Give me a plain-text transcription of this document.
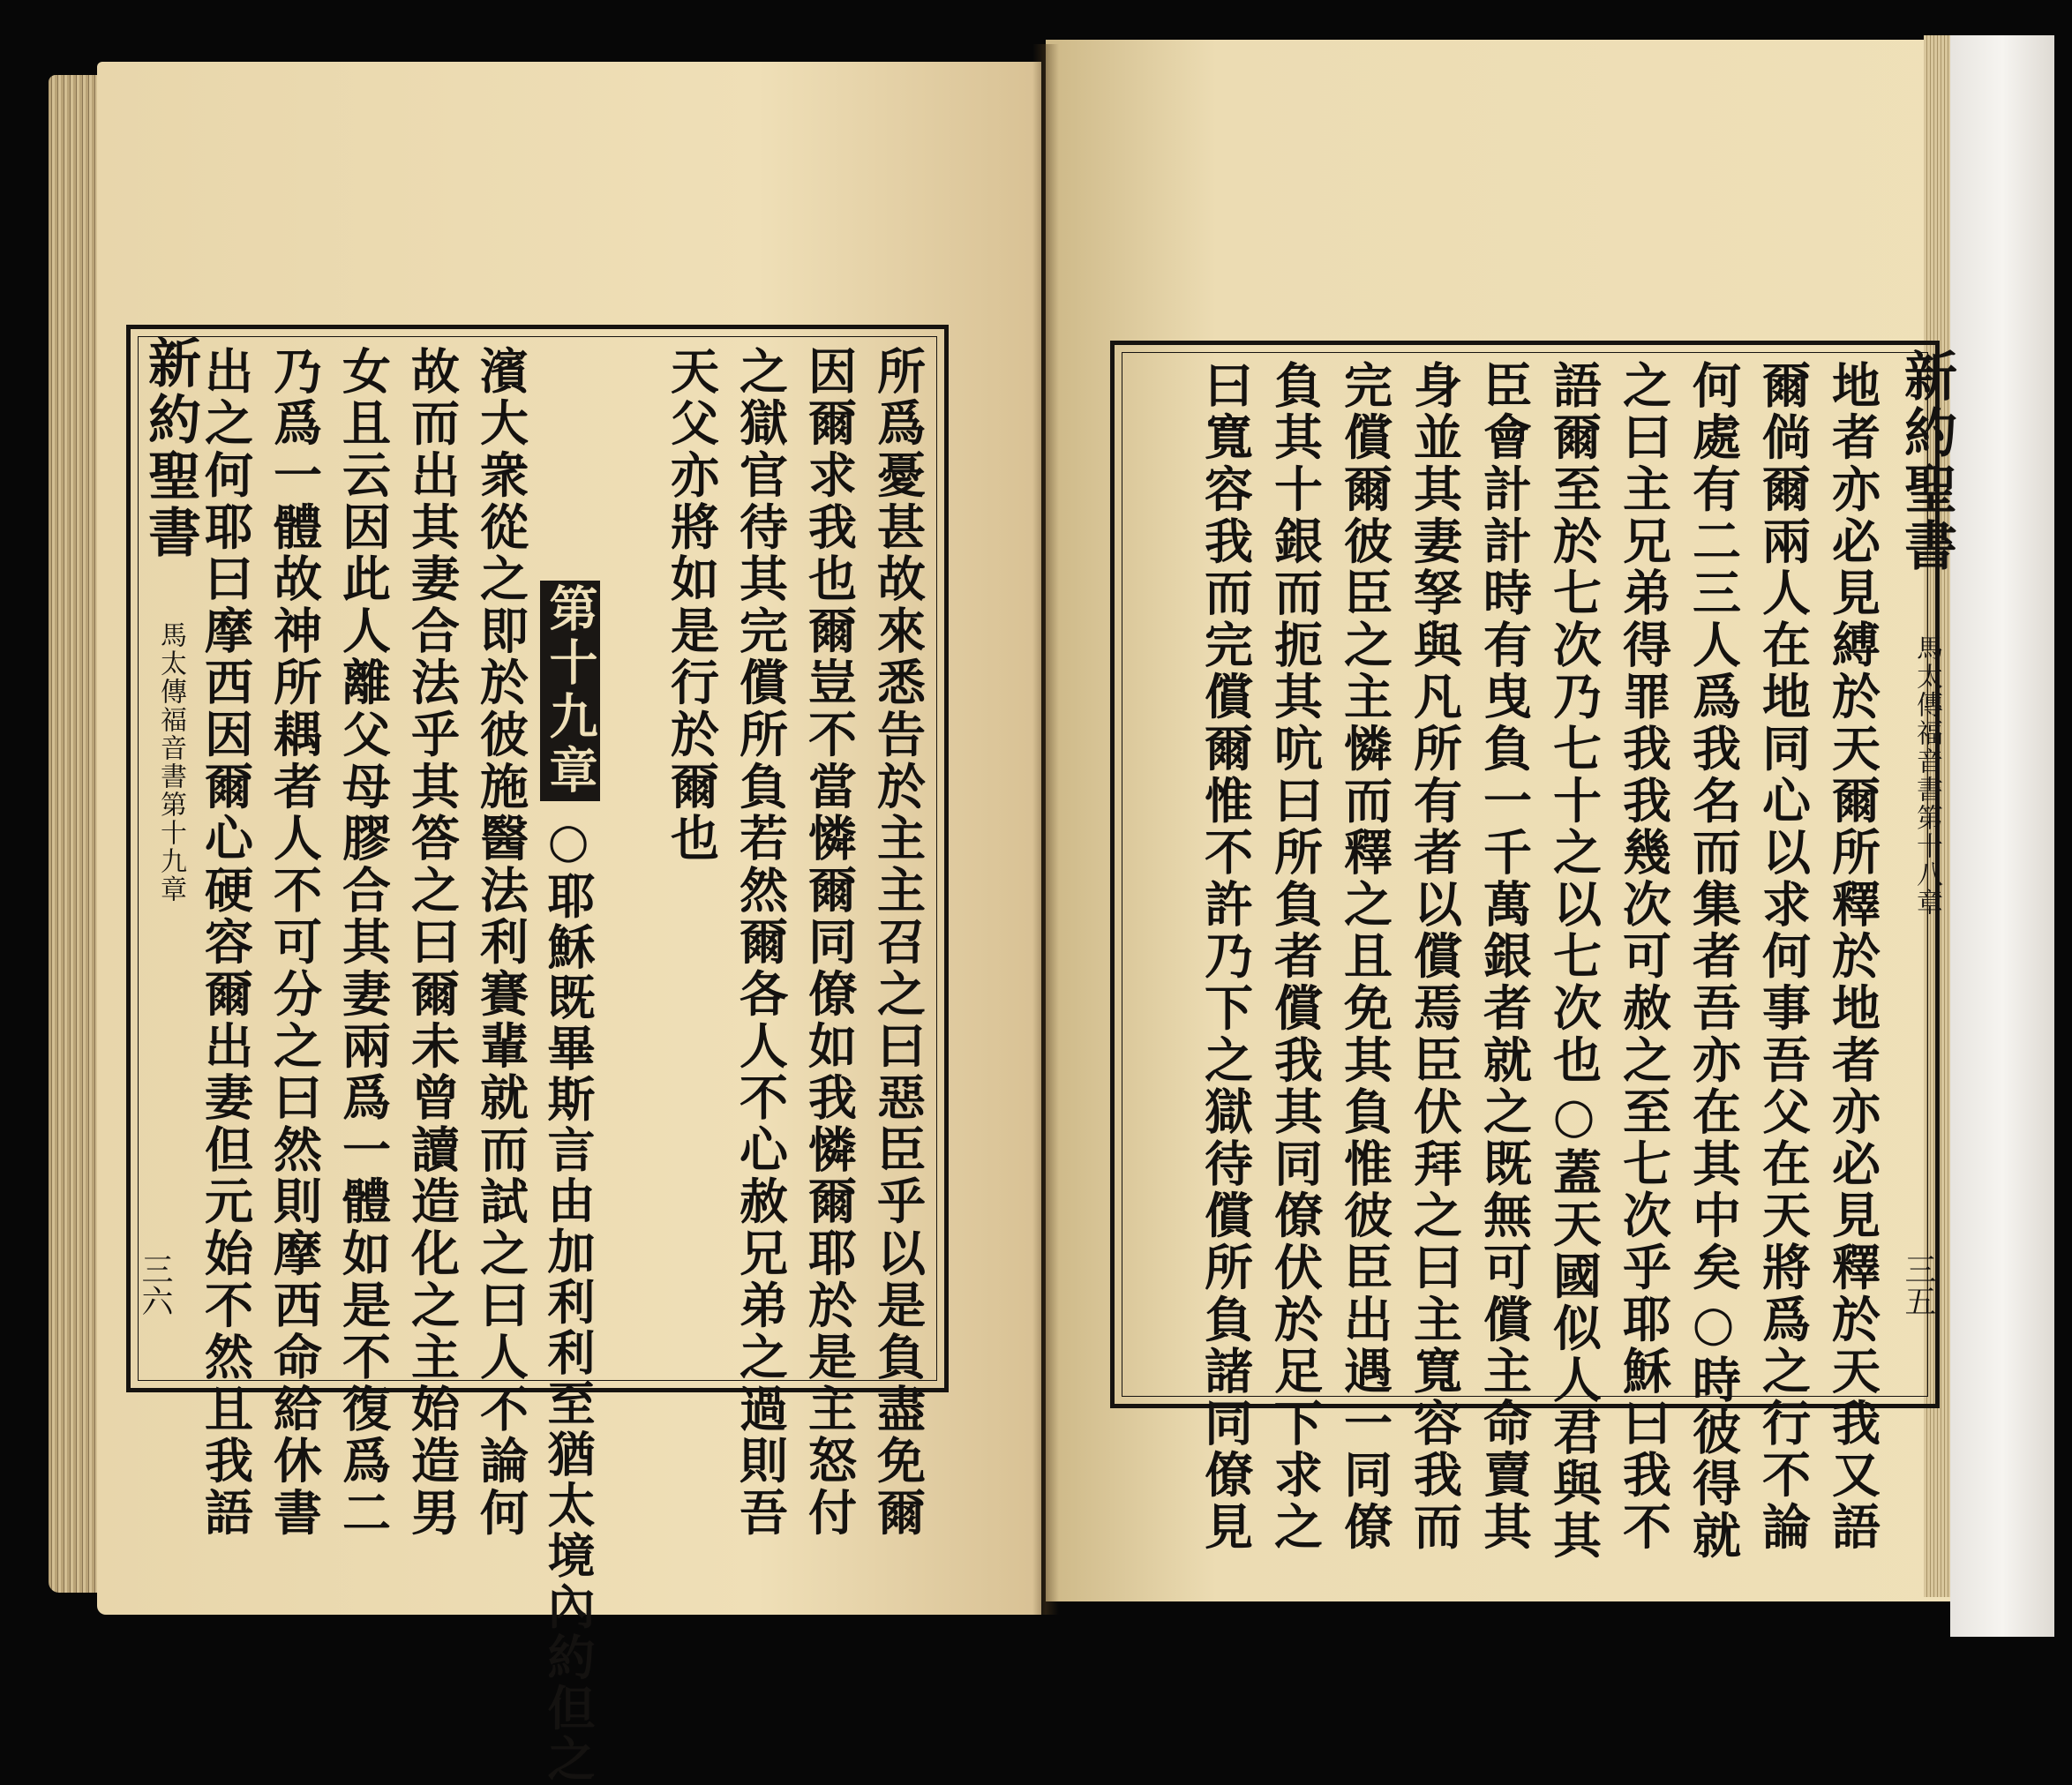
新約聖書  馬太傳福音書第十九章
三六	所爲憂甚故來悉告於主主召之曰惡臣乎以是負盡免爾
因爾求我也爾豈不當憐爾同僚如我憐爾耶於是主怒付
之獄官待其完償所負若然爾各人不心赦兄弟之過則吾
天父亦將如是行於爾也
第十九章
○耶穌既畢斯言由加利利至猶太境內約但之
濱大衆從之即於彼施醫法利賽輩就而試之曰人不論何
故而出其妻合法乎其答之曰爾未曾讀造化之主始造男
女且云因此人離父母膠合其妻兩爲一體如是不復爲二
乃爲一體故神所耦者人不可分之曰然則摩西命給休書
出之何耶曰摩西因爾心硬容爾出妻但元始不然且我語	新約聖書  馬太傳福音書第十八章
三五
地者亦必見縛於天爾所釋於地者亦必見釋於天我又語
爾倘爾兩人在地同心以求何事吾父在天將爲之行不論
何處有二三人爲我名而集者吾亦在其中矣○時彼得就
之曰主兄弟得罪我我幾次可赦之至七次乎耶穌曰我不
語爾至於七次乃七十之以七次也○蓋天國似人君與其
臣會計計時有曳負一千萬銀者就之既無可償主命賣其
身並其妻孥與凡所有者以償焉臣伏拜之曰主寬容我而
完償爾彼臣之主憐而釋之且免其負惟彼臣出遇一同僚
負其十銀而扼其吭曰所負者償我其同僚伏於足下求之
曰寬容我而完償爾惟不許乃下之獄待償所負諸同僚見
